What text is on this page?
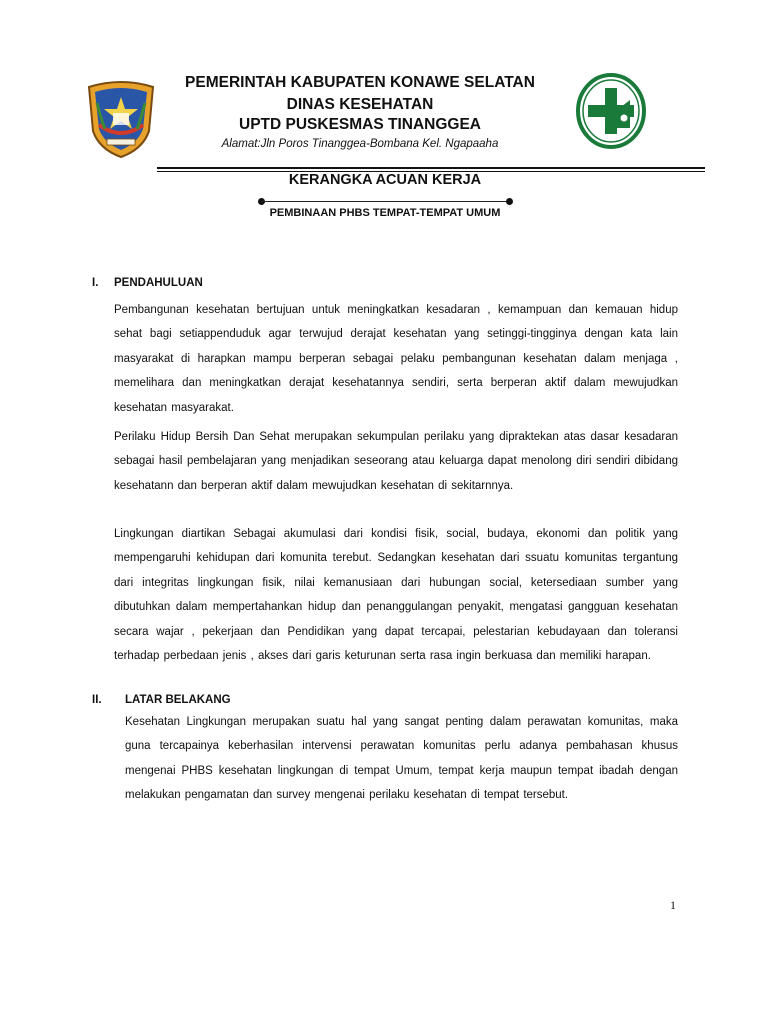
PEMERINTAH KABUPATEN KONAWE SELATAN
DINAS KESEHATAN
UPTD PUSKESMAS TINANGGEA
Alamat:Jln Poros Tinanggea-Bombana Kel. Ngapaaha
KERANGKA ACUAN KERJA
PEMBINAAN PHBS TEMPAT-TEMPAT UMUM
I. PENDAHULUAN
Pembangunan kesehatan bertujuan untuk meningkatkan kesadaran , kemampuan dan kemauan hidup sehat bagi setiappenduduk agar terwujud derajat kesehatan yang setinggi-tingginya dengan kata lain masyarakat di harapkan mampu berperan sebagai pelaku pembangunan kesehatan dalam menjaga , memelihara dan meningkatkan derajat kesehatannya sendiri, serta berperan aktif dalam mewujudkan kesehatan masyarakat.
Perilaku Hidup Bersih Dan Sehat merupakan sekumpulan perilaku yang dipraktekan atas dasar kesadaran sebagai hasil pembelajaran yang menjadikan seseorang atau keluarga dapat menolong diri sendiri dibidang kesehatann dan berperan aktif dalam mewujudkan kesehatan di sekitarnnya.
Lingkungan diartikan Sebagai akumulasi dari kondisi fisik, social, budaya, ekonomi dan politik yang mempengaruhi kehidupan dari komunita terebut. Sedangkan kesehatan dari ssuatu komunitas tergantung dari integritas lingkungan fisik, nilai kemanusiaan dari hubungan social, ketersediaan sumber yang dibutuhkan dalam mempertahankan hidup dan penanggulangan penyakit, mengatasi gangguan kesehatan secara wajar , pekerjaan dan Pendidikan yang dapat tercapai, pelestarian kebudayaan dan toleransi terhadap perbedaan jenis , akses dari garis keturunan serta rasa ingin berkuasa dan memiliki harapan.
II. LATAR BELAKANG
Kesehatan Lingkungan merupakan suatu hal yang sangat penting dalam perawatan komunitas, maka guna tercapainya keberhasilan intervensi perawatan komunitas perlu adanya pembahasan khusus mengenai PHBS kesehatan lingkungan di tempat Umum, tempat kerja maupun tempat ibadah dengan melakukan pengamatan dan survey mengenai perilaku kesehatan di tempat tersebut.
1
